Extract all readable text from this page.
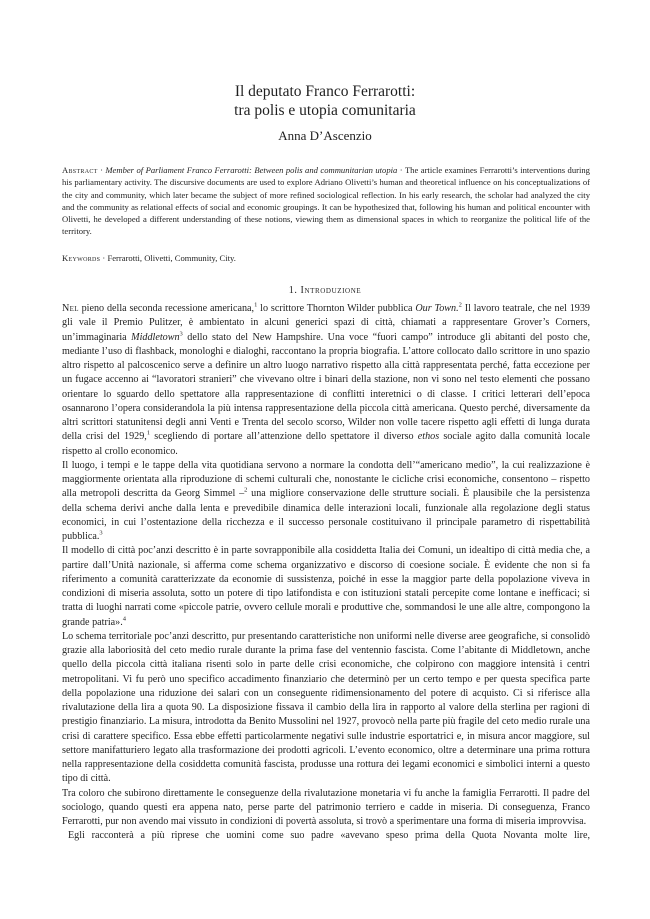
Il deputato Franco Ferrarotti:
tra polis e utopia comunitaria
Anna D’Ascenzio

Abstract · Member of Parliament Franco Ferrarotti: Between polis and communitarian utopia · The article examines Ferrarotti’s interventions during his parliamentary activity. The discursive documents are used to explore Adriano Olivetti’s human and theoretical influence on his conceptualizations of the city and community, which later became the subject of more refined sociological reflection. In his early research, the scholar had analyzed the city and the community as relational effects of social and economic groupings. It can be hypothesized that, following his human and political encounter with Olivetti, he developed a different understanding of these notions, viewing them as dimensional spaces in which to reorganize the political life of the territory.

Keywords · Ferrarotti, Olivetti, Community, City.
1. Introduzione

Nel pieno della seconda recessione americana,$^1$ lo scrittore Thornton Wilder pubblica Our Town.$^2$ Il lavoro teatrale, che nel 1939 gli vale il Premio Pulitzer, è ambientato in alcuni generici spazi di città, chiamati a rappresentare Grover’s Corners, un’immaginaria Middletown$^3$ dello stato del New Hampshire. Una voce “fuori campo” introduce gli abitanti del posto che, mediante l’uso di flashback, monologhi e dialoghi, raccontano la propria biografia. L’attore collocato dallo scrittore in uno spazio altro rispetto al palcoscenico serve a definire un altro luogo narrativo rispetto alla città rappresentata perché, fatta eccezione per un fugace accenno ai “lavoratori stranieri” che vivevano oltre i binari della stazione, non vi sono nel testo elementi che possano orientare lo sguardo dello spettatore alla rappresentazione di conflitti interetnici o di classe. I critici letterari dell’epoca osannarono l’opera considerandola la più intensa rappresentazione della piccola città americana. Questo perché, diversamente da altri scrittori statunitensi degli anni Venti e Trenta del secolo scorso, Wilder non volle tacere rispetto agli effetti di lunga durata della crisi del 1929,$^1$ scegliendo di portare all’attenzione dello spettatore il diverso ethos sociale agito dalla comunità locale rispetto al crollo economico.

Il luogo, i tempi e le tappe della vita quotidiana servono a normare la condotta dell’“americano medio”, la cui realizzazione è maggiormente orientata alla riproduzione di schemi culturali che, nonostante le cicliche crisi economiche, consentono – rispetto alla metropoli descritta da Georg Simmel –$^2$ una migliore conservazione delle strutture sociali. È plausibile che la persistenza della schema derivi anche dalla lenta e prevedibile dinamica delle interazioni locali, funzionale alla regolazione degli status economici, in cui l’ostentazione della ricchezza e il successo personale costituivano il principale parametro di rispettabilità pubblica.$^3$

Il modello di città poc’anzi descritto è in parte sovrapponibile alla cosiddetta Italia dei Comuni, un idealtipo di città media che, a partire dall’Unità nazionale, si afferma come schema organizzativo e discorso di coesione sociale. È evidente che non si fa riferimento a comunità caratterizzate da economie di sussistenza, poiché in esse la maggior parte della popolazione viveva in condizioni di miseria assoluta, sotto un potere di tipo latifondista e con istituzioni statali percepite come lontane e inefficaci; si tratta di luoghi narrati come «piccole patrie, ovvero cellule morali e produttive che, sommandosi le une alle altre, compongono la grande patria».$^4$

Lo schema territoriale poc’anzi descritto, pur presentando caratteristiche non uniformi nelle diverse aree geografiche, si consolidò grazie alla laboriosità del ceto medio rurale durante la prima fase del ventennio fascista. Come l’abitante di Middletown, anche quello della piccola città italiana risentì solo in parte delle crisi economiche, che colpirono con maggiore intensità i centri metropolitani. Vi fu però uno specifico accadimento finanziario che determinò per un certo tempo e per questa specifica parte della popolazione una riduzione dei salari con un conseguente ridimensionamento del potere di acquisto. Ci si riferisce alla rivalutazione della lira a quota 90. La disposizione fissava il cambio della lira in rapporto al valore della sterlina per ragioni di prestigio finanziario. La misura, introdotta da Benito Mussolini nel 1927, provocò nella parte più fragile del ceto medio rurale una crisi di carattere specifico. Essa ebbe effetti particolarmente negativi sulle industrie esportatrici e, in misura ancor maggiore, sul settore manifatturiero legato alla trasformazione dei prodotti agricoli. L’evento economico, oltre a determinare una prima rottura nella rappresentazione della cosiddetta comunità fascista, produsse una rottura dei legami economici e simbolici interni a questo tipo di città.

Tra coloro che subirono direttamente le conseguenze della rivalutazione monetaria vi fu anche la famiglia Ferrarotti. Il padre del sociologo, quando questi era appena nato, perse parte del patrimonio terriero e cadde in miseria. Di conseguenza, Franco Ferrarotti, pur non avendo mai vissuto in condizioni di povertà assoluta, si trovò a sperimentare una forma di miseria improvvisa.

Egli racconterà a più riprese che uomini come suo padre «avevano speso prima della Quota Novanta molte lire,
